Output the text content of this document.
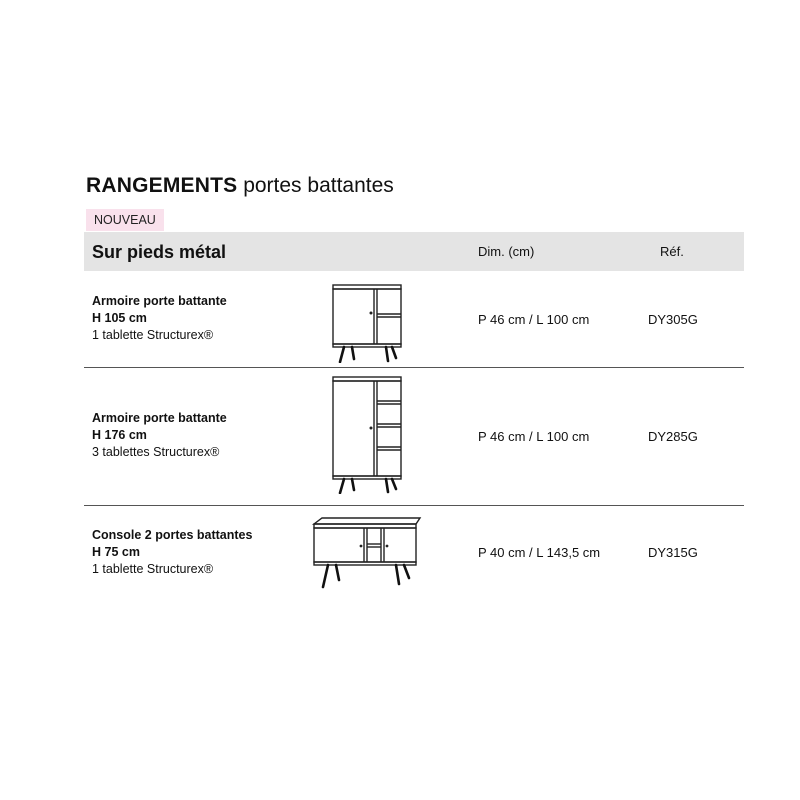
RANGEMENTS portes battantes
NOUVEAU
Sur pieds métal	Dim. (cm)	Réf.
Armoire porte battante
H 105 cm
1 tablette Structurex®
P 46 cm / L 100 cm	DY305G
Armoire porte battante
H 176 cm
3 tablettes Structurex®
P 46 cm / L 100 cm	DY285G
Console 2 portes battantes
H 75 cm
1 tablette Structurex®
P 40 cm / L 143,5 cm	DY315G
